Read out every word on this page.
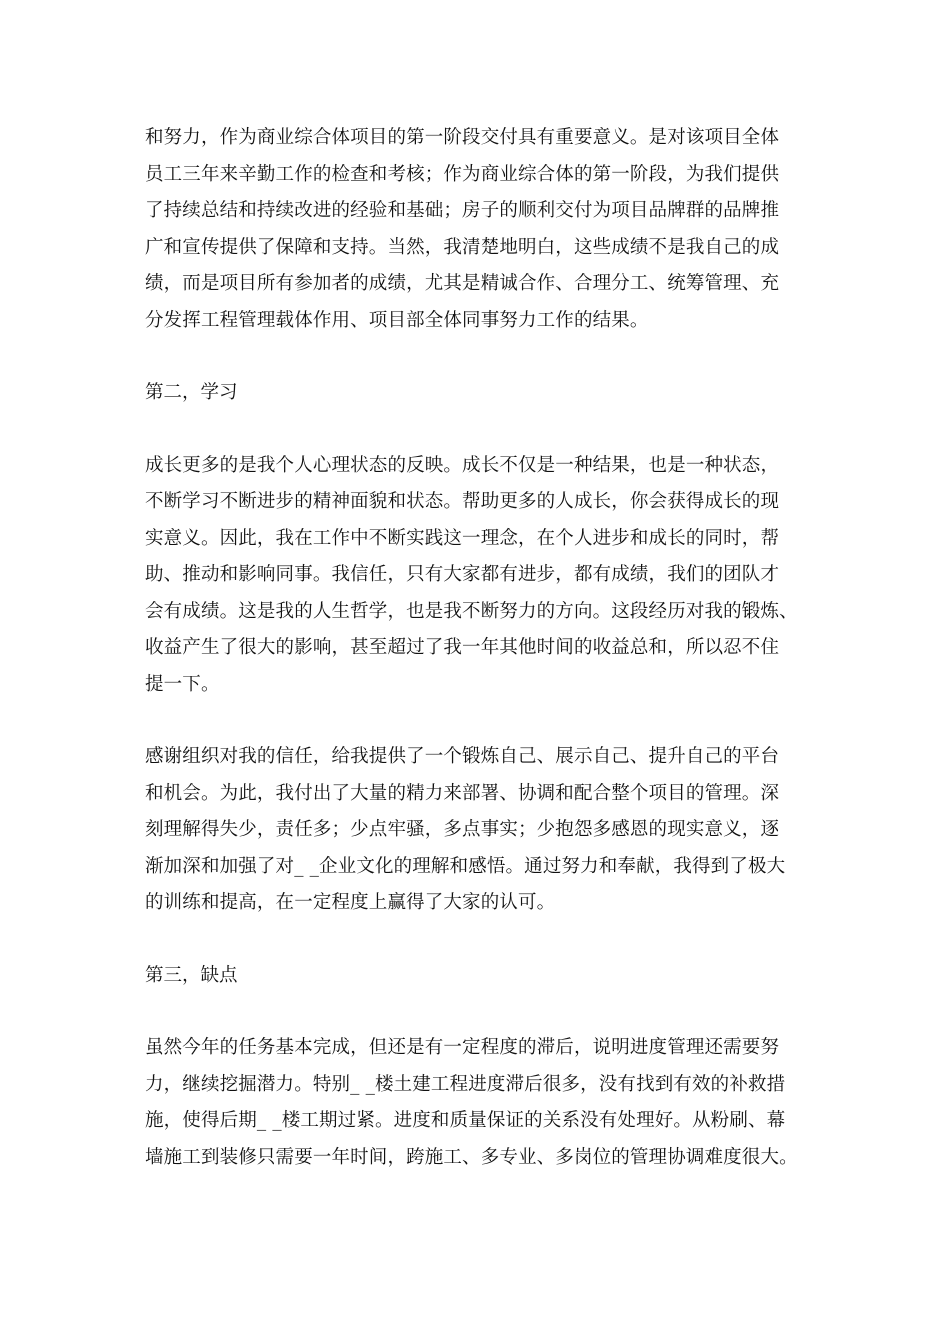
和努力，作为商业综合体项目的第一阶段交付具有重要意义。是对该项目全体
员工三年来辛勤工作的检查和考核；作为商业综合体的第一阶段，为我们提供
了持续总结和持续改进的经验和基础；房子的顺利交付为项目品牌群的品牌推
广和宣传提供了保障和支持。当然，我清楚地明白，这些成绩不是我自己的成
绩，而是项目所有参加者的成绩，尤其是精诚合作、合理分工、统筹管理、充
分发挥工程管理载体作用、项目部全体同事努力工作的结果。

第二，学习

成长更多的是我个人心理状态的反映。成长不仅是一种结果，也是一种状态，
不断学习不断进步的精神面貌和状态。帮助更多的人成长，你会获得成长的现
实意义。因此，我在工作中不断实践这一理念，在个人进步和成长的同时，帮
助、推动和影响同事。我信任，只有大家都有进步，都有成绩，我们的团队才
会有成绩。这是我的人生哲学，也是我不断努力的方向。这段经历对我的锻炼、
收益产生了很大的影响，甚至超过了我一年其他时间的收益总和，所以忍不住
提一下。

感谢组织对我的信任，给我提供了一个锻炼自己、展示自己、提升自己的平台
和机会。为此，我付出了大量的精力来部署、协调和配合整个项目的管理。深
刻理解得失少，责任多；少点牢骚，多点事实；少抱怨多感恩的现实意义，逐
渐加深和加强了对_ _企业文化的理解和感悟。通过努力和奉献，我得到了极大
的训练和提高，在一定程度上赢得了大家的认可。

第三，缺点

虽然今年的任务基本完成，但还是有一定程度的滞后，说明进度管理还需要努
力，继续挖掘潜力。特别_ _楼土建工程进度滞后很多，没有找到有效的补救措
施，使得后期_ _楼工期过紧。进度和质量保证的关系没有处理好。从粉刷、幕
墙施工到装修只需要一年时间，跨施工、多专业、多岗位的管理协调难度很大。
